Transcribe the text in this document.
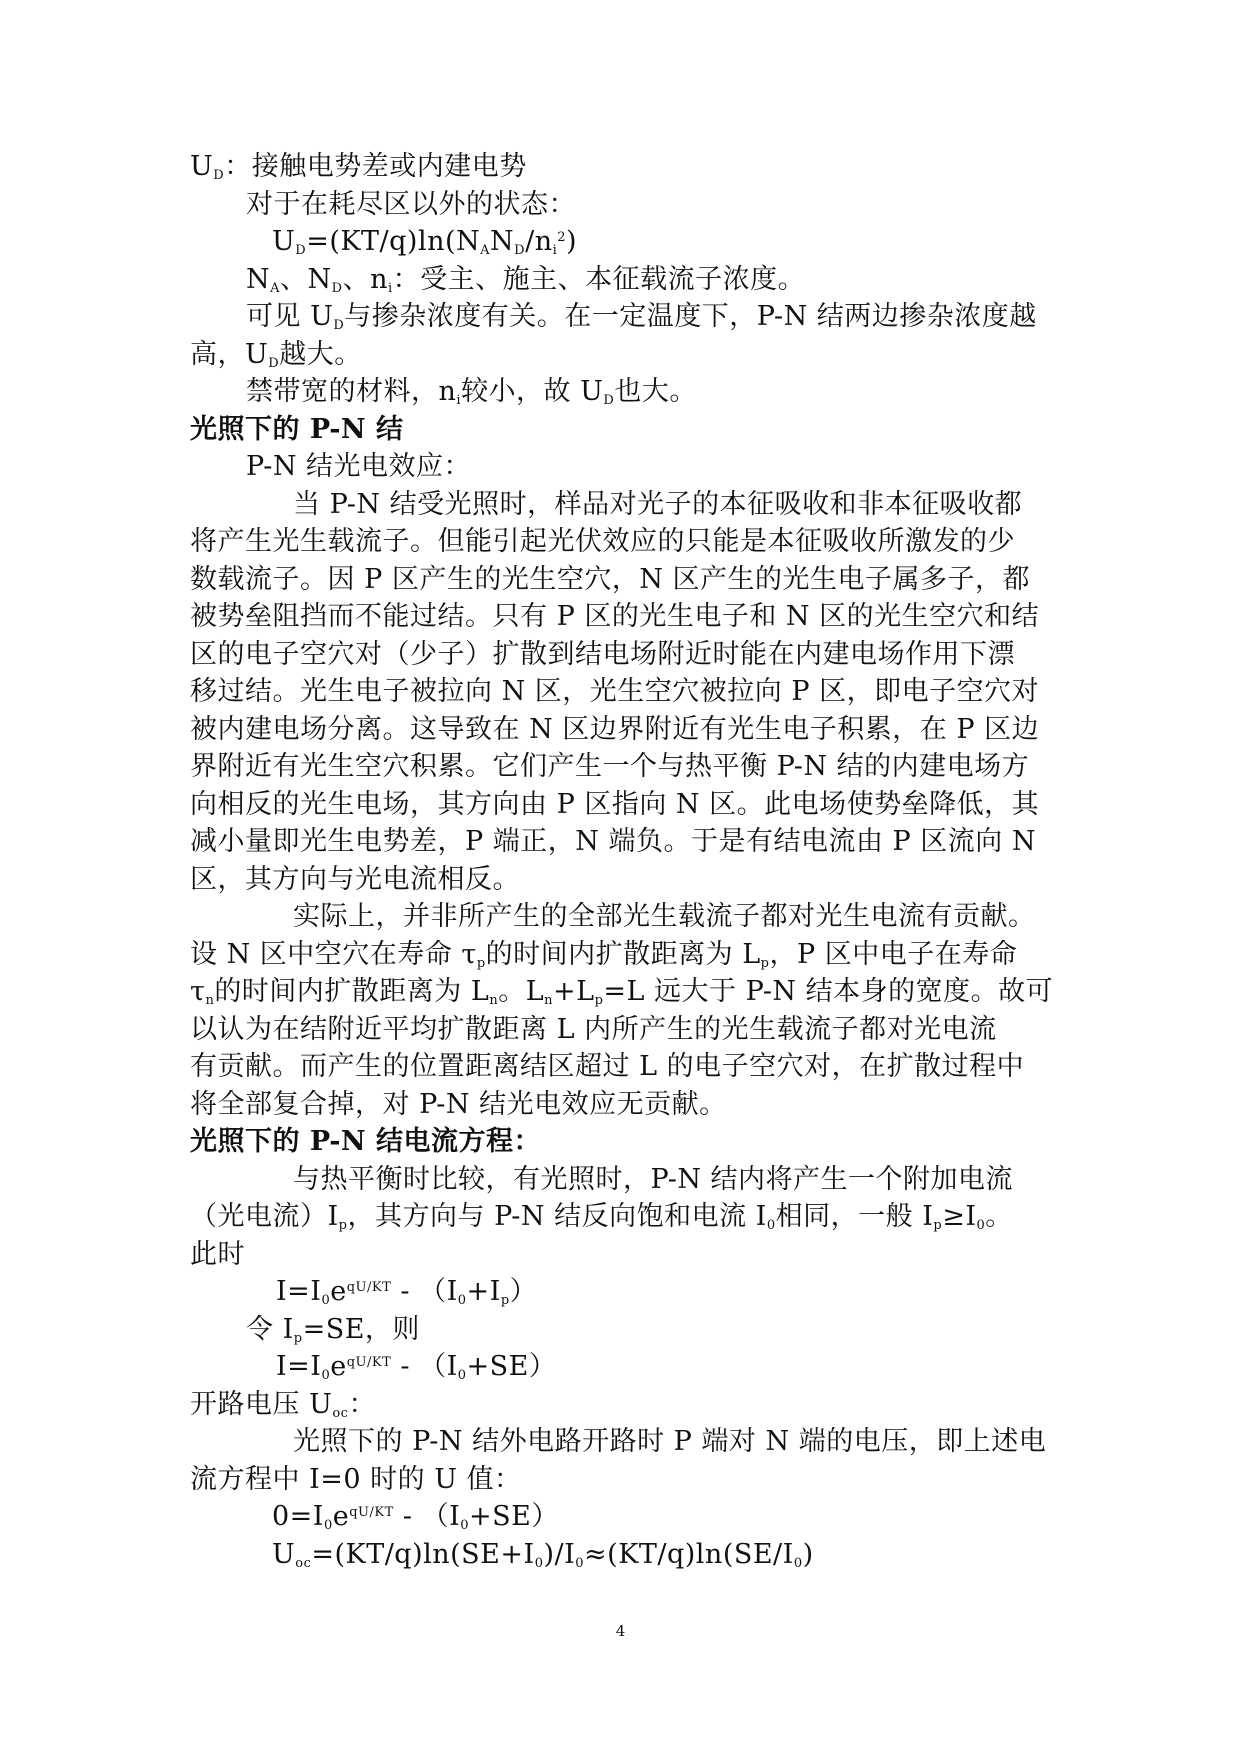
$U_D$：接触电势差或内建电势
对于在耗尽区以外的状态：
$U_D=(KT/q)\ln(N_AN_D/n_i^2)$
$N_A$、$N_D$、$n_i$：受主、施主、本征载流子浓度。
可见 $U_D$与掺杂浓度有关。在一定温度下，P-N 结两边掺杂浓度越
高，$U_D$越大。
禁带宽的材料，$n_i$较小，故 $U_D$也大。
光照下的 P-N 结
P-N 结光电效应：
当 P-N 结受光照时，样品对光子的本征吸收和非本征吸收都
将产生光生载流子。但能引起光伏效应的只能是本征吸收所激发的少
数载流子。因 P 区产生的光生空穴，N 区产生的光生电子属多子，都
被势垒阻挡而不能过结。只有 P 区的光生电子和 N 区的光生空穴和结
区的电子空穴对（少子）扩散到结电场附近时能在内建电场作用下漂
移过结。光生电子被拉向 N 区，光生空穴被拉向 P 区，即电子空穴对
被内建电场分离。这导致在 N 区边界附近有光生电子积累，在 P 区边
界附近有光生空穴积累。它们产生一个与热平衡 P-N 结的内建电场方
向相反的光生电场，其方向由 P 区指向 N 区。此电场使势垒降低，其
减小量即光生电势差，P 端正，N 端负。于是有结电流由 P 区流向 N
区，其方向与光电流相反。
实际上，并非所产生的全部光生载流子都对光生电流有贡献。
设 N 区中空穴在寿命 $\tau_p$的时间内扩散距离为 $L_p$，P 区中电子在寿命
$\tau_n$的时间内扩散距离为 $L_n$。$L_n+L_p=L$ 远大于 P-N 结本身的宽度。故可
以认为在结附近平均扩散距离 L 内所产生的光生载流子都对光电流
有贡献。而产生的位置距离结区超过 L 的电子空穴对，在扩散过程中
将全部复合掉，对 P-N 结光电效应无贡献。
光照下的 P-N 结电流方程：
与热平衡时比较，有光照时，P-N 结内将产生一个附加电流
（光电流）$I_p$，其方向与 P-N 结反向饱和电流 $I_0$相同，一般 $I_p\ge I_0$。
此时
$I=I_0e^{qU/KT} - (I_0+I_p)$
令 $I_p=SE$，则
$I=I_0e^{qU/KT} - (I_0+SE)$
开路电压 $U_{oc}$：
光照下的 P-N 结外电路开路时 P 端对 N 端的电压，即上述电
流方程中 I=0 时的 U 值：
$0=I_0e^{qU/KT} - (I_0+SE)$
$U_{oc}=(KT/q)\ln(SE+I_0)/I_0\approx(KT/q)\ln(SE/I_0)$
4
